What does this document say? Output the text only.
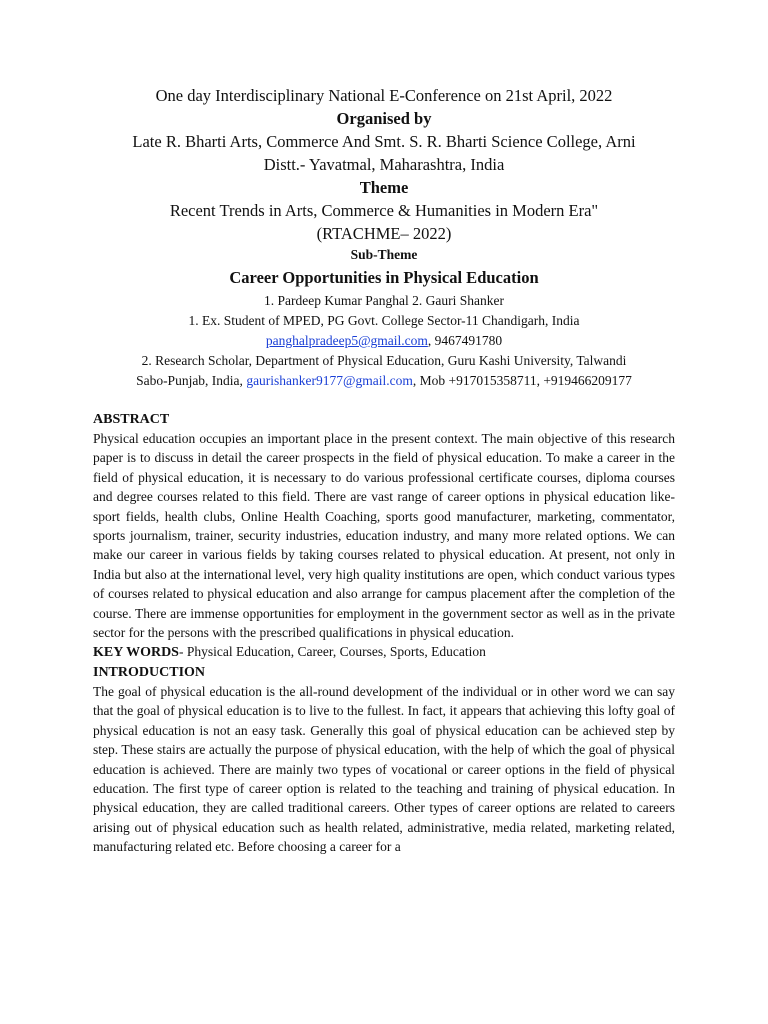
One day Interdisciplinary National E-Conference on 21st April, 2022

Organised by

Late R. Bharti Arts, Commerce And Smt. S. R. Bharti Science College, Arni

Distt.- Yavatmal, Maharashtra, India

Theme

Recent Trends in Arts, Commerce & Humanities in Modern Era"

(RTACHME– 2022)

Sub-Theme

Career Opportunities in Physical Education

1. Pardeep Kumar Panghal 2. Gauri Shanker

1. Ex. Student of MPED, PG Govt. College Sector-11 Chandigarh, India

panghalpradeep5@gmail.com, 9467491780

2. Research Scholar, Department of Physical Education, Guru Kashi University, Talwandi

Sabo-Punjab, India, gaurishanker9177@gmail.com, Mob +917015358711, +919466209177

ABSTRACT

Physical education occupies an important place in the present context. The main objective of this research paper is to discuss in detail the career prospects in the field of physical education. To make a career in the field of physical education, it is necessary to do various professional certificate courses, diploma courses and degree courses related to this field. There are vast range of career options in physical education like-sport fields, health clubs, Online Health Coaching, sports good manufacturer, marketing, commentator, sports journalism, trainer, security industries, education industry, and many more related options. We can make our career in various fields by taking courses related to physical education. At present, not only in India but also at the international level, very high quality institutions are open, which conduct various types of courses related to physical education and also arrange for campus placement after the completion of the course. There are immense opportunities for employment in the government sector as well as in the private sector for the persons with the prescribed qualifications in physical education.

KEY WORDS- Physical Education, Career, Courses, Sports, Education

INTRODUCTION

The goal of physical education is the all-round development of the individual or in other word we can say that the goal of physical education is to live to the fullest. In fact, it appears that achieving this lofty goal of physical education is not an easy task. Generally this goal of physical education can be achieved step by step. These stairs are actually the purpose of physical education, with the help of which the goal of physical education is achieved. There are mainly two types of vocational or career options in the field of physical education. The first type of career option is related to the teaching and training of physical education. In physical education, they are called traditional careers. Other types of career options are related to careers arising out of physical education such as health related, administrative, media related, marketing related, manufacturing related etc. Before choosing a career for a
